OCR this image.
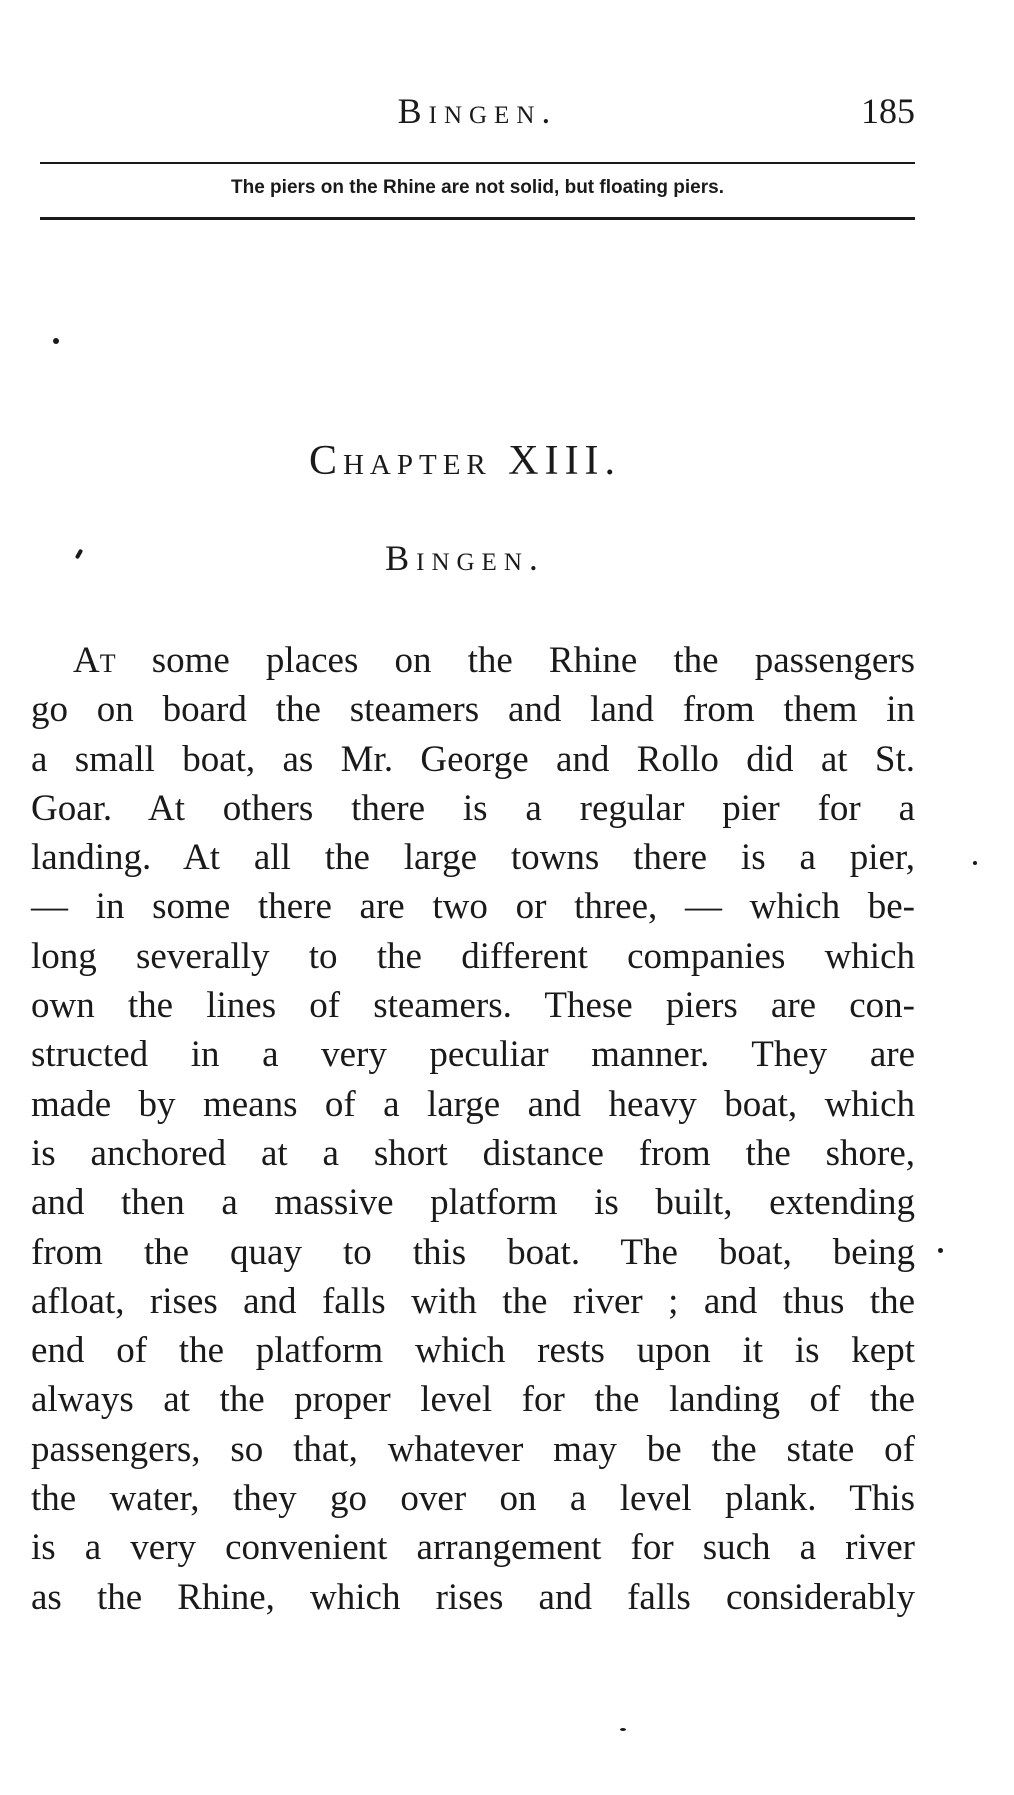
Bingen.	185
The piers on the Rhine are not solid, but floating piers.
Chapter XIII.
Bingen.
At some places on the Rhine the passengers
go on board the steamers and land from them in
a small boat, as Mr. George and Rollo did at St.
Goar. At others there is a regular pier for a
landing. At all the large towns there is a pier,
— in some there are two or three, — which be-
long severally to the different companies which
own the lines of steamers. These piers are con-
structed in a very peculiar manner. They are
made by means of a large and heavy boat, which
is anchored at a short distance from the shore,
and then a massive platform is built, extending
from the quay to this boat. The boat, being
afloat, rises and falls with the river ; and thus the
end of the platform which rests upon it is kept
always at the proper level for the landing of the
passengers, so that, whatever may be the state of
the water, they go over on a level plank. This
is a very convenient arrangement for such a river
as the Rhine, which rises and falls considerably
